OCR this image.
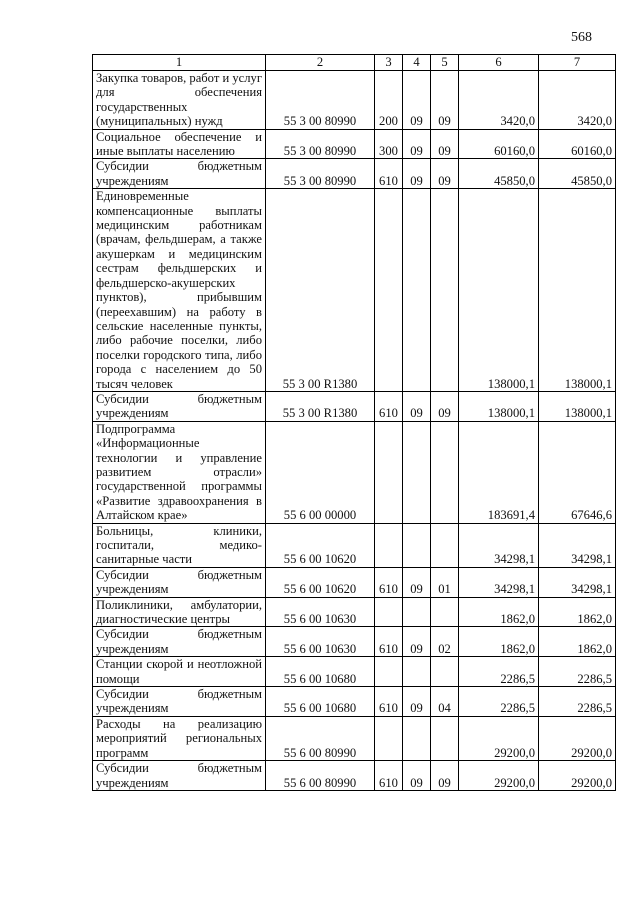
568
1	2	3	4	5	6	7
Закупка товаров, работ и услуг для обеспечения государственных (муниципальных) нужд	55 3 00 80990	200	09	09	3420,0	3420,0
Социальное обеспечение и иные выплаты населению	55 3 00 80990	300	09	09	60160,0	60160,0
Субсидии бюджетным учреждениям	55 3 00 80990	610	09	09	45850,0	45850,0
Единовременные компенсационные выплаты медицинским работникам (врачам, фельдшерам, а также акушеркам и медицинским сестрам фельдшерских и фельдшерско-акушерских пунктов), прибывшим (переехавшим) на работу в сельские населенные пункты, либо рабочие поселки, либо поселки городского типа, либо города с населением до 50 тысяч человек	55 3 00 R1380				138000,1	138000,1
Субсидии бюджетным учреждениям	55 3 00 R1380	610	09	09	138000,1	138000,1
Подпрограмма «Информационные технологии и управление развитием отрасли» государственной программы «Развитие здравоохранения в Алтайском крае»	55 6 00 00000				183691,4	67646,6
Больницы, клиники, госпитали, медико-санитарные части	55 6 00 10620				34298,1	34298,1
Субсидии бюджетным учреждениям	55 6 00 10620	610	09	01	34298,1	34298,1
Поликлиники, амбулатории, диагностические центры	55 6 00 10630				1862,0	1862,0
Субсидии бюджетным учреждениям	55 6 00 10630	610	09	02	1862,0	1862,0
Станции скорой и неотложной помощи	55 6 00 10680				2286,5	2286,5
Субсидии бюджетным учреждениям	55 6 00 10680	610	09	04	2286,5	2286,5
Расходы на реализацию мероприятий региональных программ	55 6 00 80990				29200,0	29200,0
Субсидии бюджетным учреждениям	55 6 00 80990	610	09	09	29200,0	29200,0
